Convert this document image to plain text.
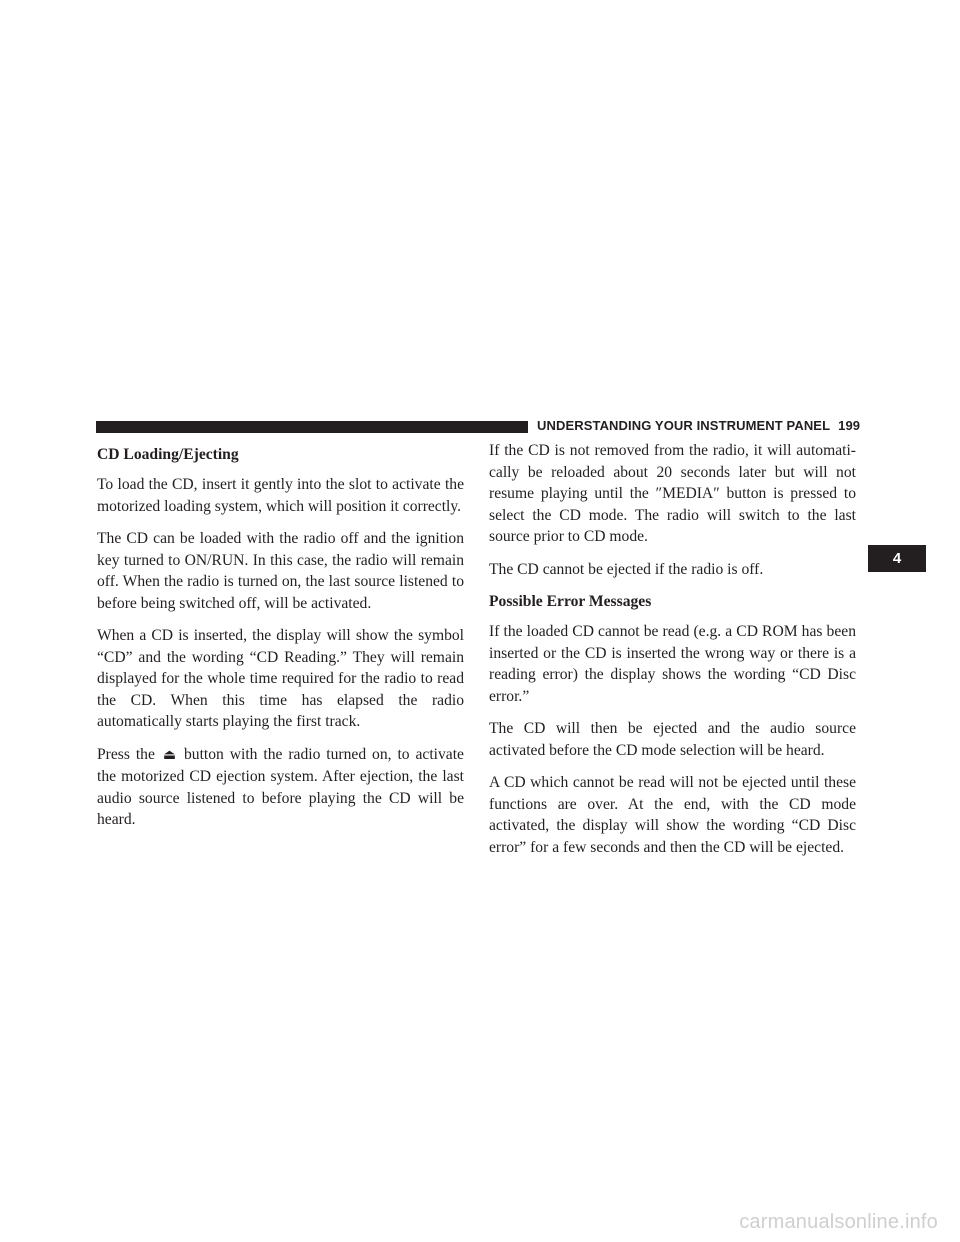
UNDERSTANDING YOUR INSTRUMENT PANEL 199
CD Loading/Ejecting

To load the CD, insert it gently into the slot to activate the motorized loading system, which will position it correctly.

The CD can be loaded with the radio off and the ignition key turned to ON/RUN. In this case, the radio will remain off. When the radio is turned on, the last source listened to before being switched off, will be activated.

When a CD is inserted, the display will show the symbol “CD” and the wording “CD Reading.” They will remain displayed for the whole time required for the radio to read the CD. When this time has elapsed the radio automatically starts playing the first track.

Press the ⏏ button with the radio turned on, to activate the motorized CD ejection system. After ejection, the last audio source listened to before playing the CD will be heard.

If the CD is not removed from the radio, it will automatically be reloaded about 20 seconds later but will not resume playing until the ″MEDIA″ button is pressed to select the CD mode. The radio will switch to the last source prior to CD mode.

The CD cannot be ejected if the radio is off.

Possible Error Messages

If the loaded CD cannot be read (e.g. a CD ROM has been inserted or the CD is inserted the wrong way or there is a reading error) the display shows the wording “CD Disc error.”

The CD will then be ejected and the audio source activated before the CD mode selection will be heard.

A CD which cannot be read will not be ejected until these functions are over. At the end, with the CD mode activated, the display will show the wording “CD Disc error” for a few seconds and then the CD will be ejected.

4
carmanualsonline.info
